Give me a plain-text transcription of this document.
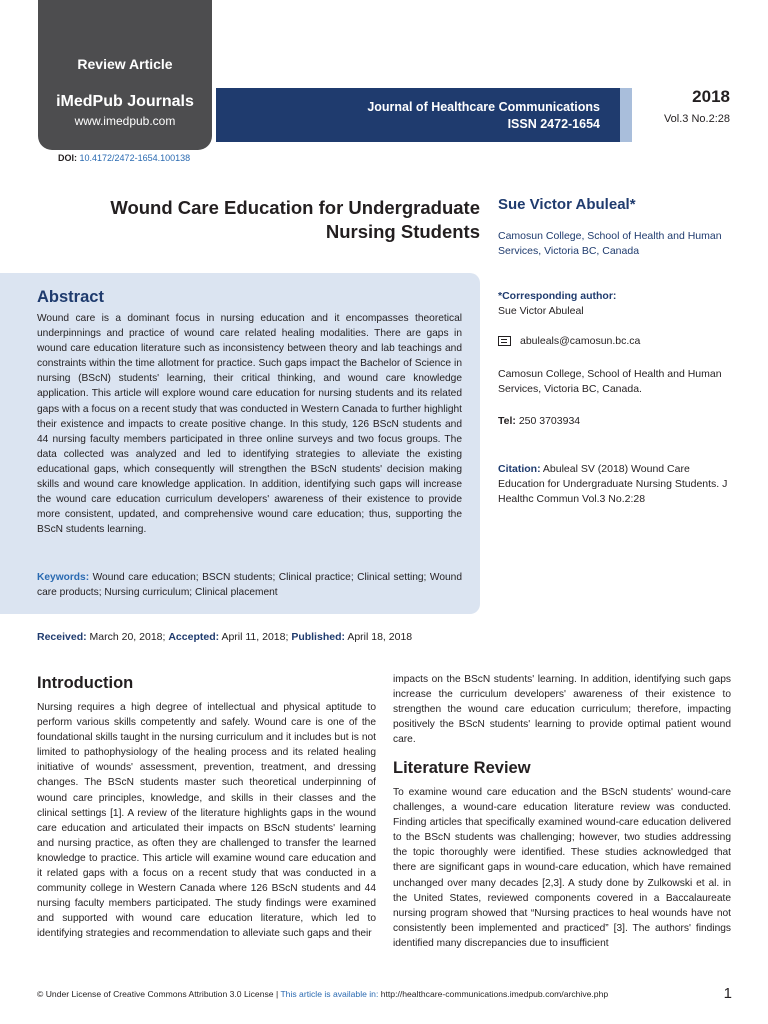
Review Article
iMedPub Journals
www.imedpub.com
Journal of Healthcare Communications
ISSN 2472-1654
2018
Vol.3 No.2:28
DOI: 10.4172/2472-1654.100138
Wound Care Education for Undergraduate
Nursing Students
Sue Victor Abuleal*
Camosun College, School of Health and Human Services, Victoria BC, Canada
Abstract
Wound care is a dominant focus in nursing education and it encompasses theoretical underpinnings and practice of wound care related healing modalities. There are gaps in wound care education literature such as inconsistency between theory and lab teachings and constraints within the time allotment for practice. Such gaps impact the Bachelor of Science in nursing (BScN) students' learning, their critical thinking, and wound care knowledge application. This article will explore wound care education for nursing students and its related gaps with a focus on a recent study that was conducted in Western Canada to further highlight their existence and impacts to create positive change. In this study, 126 BScN students and 44 nursing faculty members participated in three online surveys and two focus groups. The data collected was analyzed and led to identifying strategies to alleviate the existing educational gaps, which consequently will strengthen the BScN students' decision making skills and wound care knowledge application. In addition, identifying such gaps will increase the wound care education curriculum developers' awareness of their existence to provide more consistent, updated, and comprehensive wound care education; thus, supporting the BScN students learning.
Keywords: Wound care education; BSCN students; Clinical practice; Clinical setting; Wound care products; Nursing curriculum; Clinical placement
*Corresponding author:
Sue Victor Abuleal
abuleals@camosun.bc.ca
Camosun College, School of Health and Human Services, Victoria BC, Canada.
Tel: 250 3703934
Citation: Abuleal SV (2018) Wound Care Education for Undergraduate Nursing Students. J Healthc Commun Vol.3 No.2:28
Received: March 20, 2018; Accepted: April 11, 2018; Published: April 18, 2018
Introduction
Nursing requires a high degree of intellectual and physical aptitude to perform various skills competently and safely. Wound care is one of the foundational skills taught in the nursing curriculum and it includes but is not limited to pathophysiology of the healing process and its related healing initiative of wounds' assessment, prevention, treatment, and dressing changes. The BScN students master such theoretical underpinning of wound care principles, knowledge, and skills in their classes and the clinical settings [1]. A review of the literature highlights gaps in the wound care education and articulated their impacts on BScN students' learning and nursing practice, as often they are challenged to transfer the learned knowledge to practice. This article will examine wound care education and it related gaps with a focus on a recent study that was conducted in a community college in Western Canada where 126 BScN students and 44 nursing faculty members participated. The study findings were examined and supported with wound care education literature, which led to identifying strategies and recommendation to alleviate such gaps and their
impacts on the BScN students' learning. In addition, identifying such gaps increase the curriculum developers' awareness of their existence to strengthen the wound care education curriculum; therefore, impacting positively the BScN students' learning to provide optimal patient wound care.
Literature Review
To examine wound care education and the BScN students' wound-care challenges, a wound-care education literature review was conducted. Finding articles that specifically examined wound-care education delivered to the BScN students was challenging; however, two studies addressing the topic thoroughly were identified. These studies acknowledged that there are significant gaps in wound-care education, which have remained unchanged over many decades [2,3]. A study done by Zulkowski et al. in the United States, reviewed components covered in a Baccalaureate nursing program showed that “Nursing practices to heal wounds have not consistently been implemented and practiced” [3]. The authors' findings identified many discrepancies due to insufficient
© Under License of Creative Commons Attribution 3.0 License | This article is available in: http://healthcare-communications.imedpub.com/archive.php	1
